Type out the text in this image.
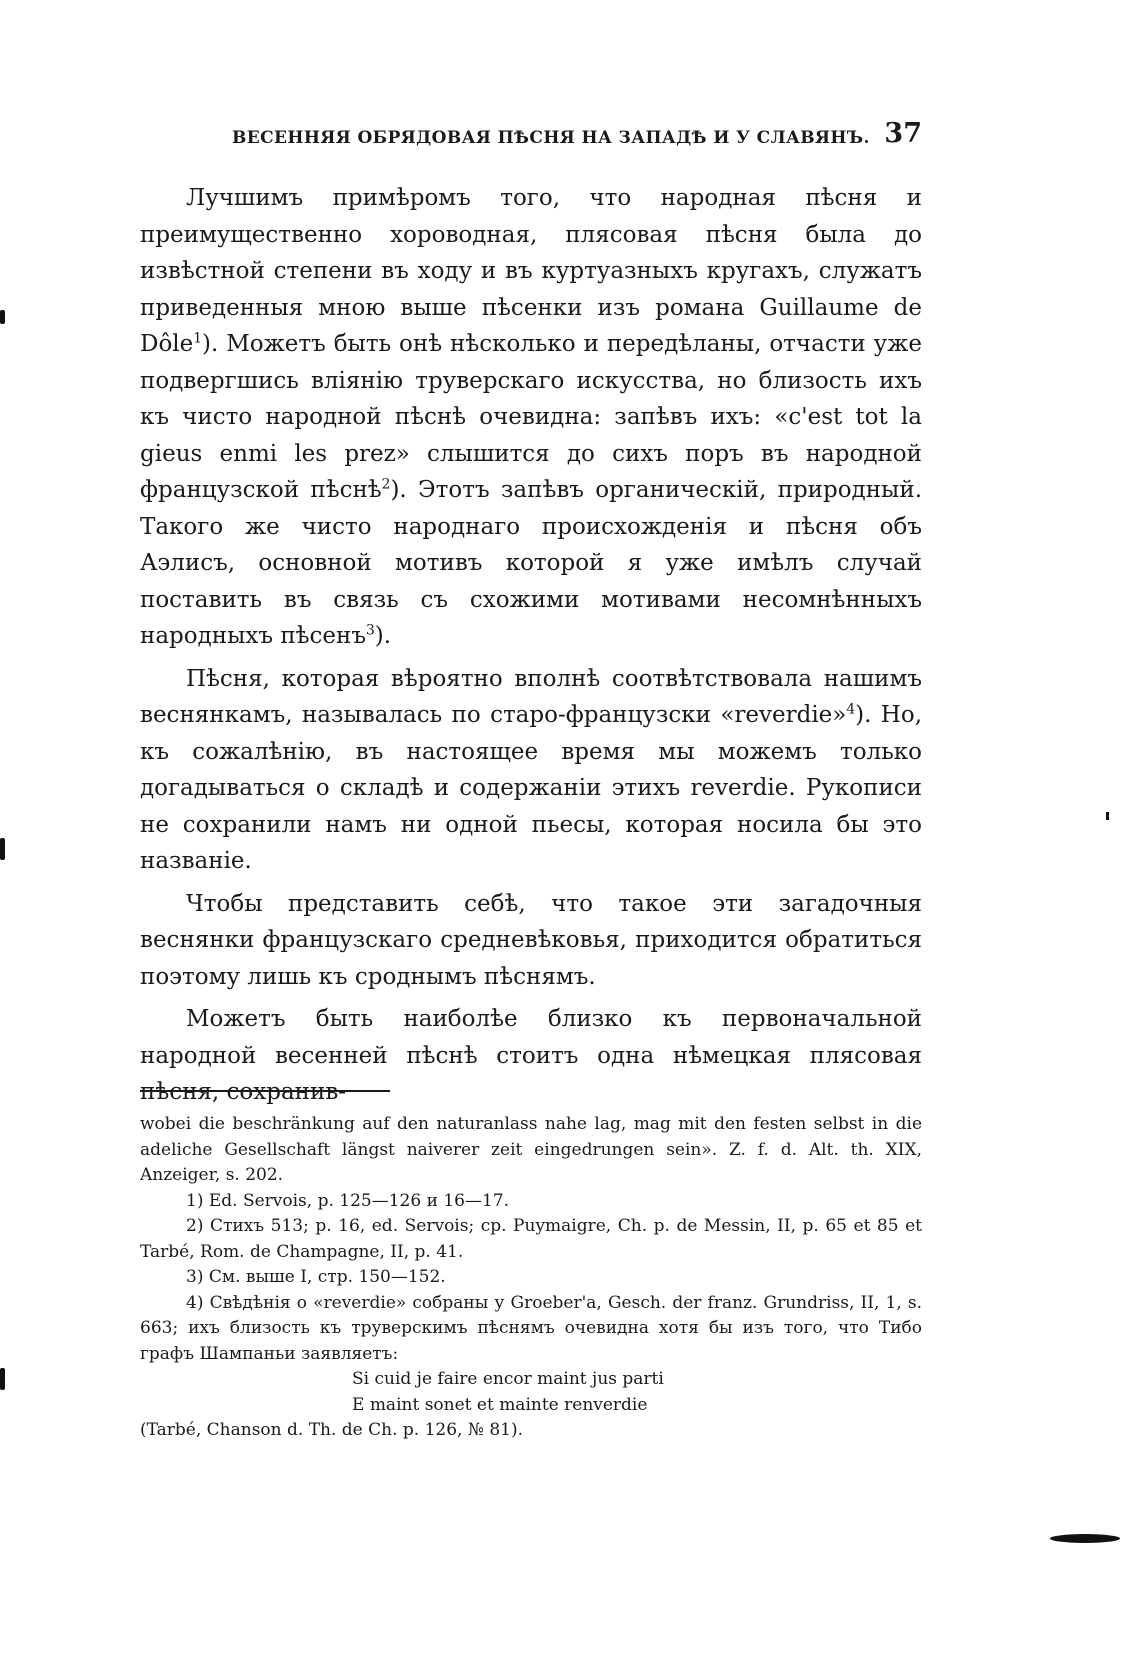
ВЕСЕННЯЯ ОБРЯДОВАЯ ПѢСНЯ НА ЗАПАДѢ И У СЛАВЯНЪ. 37

Лучшимъ примѣромъ того, что народная пѣсня и преимущественно хороводная, плясовая пѣсня была до извѣстной степени въ ходу и въ куртуазныхъ кругахъ, служатъ приведенныя мною выше пѣсенки изъ романа Guillaume de Dôle$^1$). Можетъ быть онѣ нѣсколько и передѣланы, отчасти уже подвергшись вліянію труверскаго искусства, но близость ихъ къ чисто народной пѣснѣ очевидна: запѣвъ ихъ: «c'est tot la gieus enmi les prez» слышится до сихъ поръ въ народной французской пѣснѣ$^2$). Этотъ запѣвъ органическій, природный. Такого же чисто народнаго происхожденія и пѣсня объ Аэлисъ, основной мотивъ которой я уже имѣлъ случай поставить въ связь съ схожими мотивами несомнѣнныхъ народныхъ пѣсенъ$^3$).

Пѣсня, которая вѣроятно вполнѣ соотвѣтствовала нашимъ веснянкамъ, называлась по старо-французски «reverdie»$^4$). Но, къ сожалѣнію, въ настоящее время мы можемъ только догадываться о складѣ и содержаніи этихъ reverdie. Рукописи не сохранили намъ ни одной пьесы, которая носила бы это названіе.

Чтобы представить себѣ, что такое эти загадочныя веснянки французскаго средневѣковья, приходится обратиться поэтому лишь къ сроднымъ пѣснямъ.

Можетъ быть наиболѣе близко къ первоначальной народной весенней пѣснѣ стоитъ одна нѣмецкая плясовая пѣсня, сохранив-

wobei die beschränkung auf den naturanlass nahe lag, mag mit den festen selbst in die adeliche Gesellschaft längst naiverer zeit eingedrungen sein». Z. f. d. Alt. th. XIX, Anzeiger, s. 202.

1) Ed. Servois, p. 125—126 и 16—17.

2) Стихъ 513; p. 16, ed. Servois; cp. Puymaigre, Ch. p. de Messin, II, p. 65 et 85 et Tarbé, Rom. de Champagne, II, p. 41.

3) См. выше I, стр. 150—152.

4) Свѣдѣнія о «reverdie» собраны у Groeber'a, Gesch. der franz. Grundriss, II, 1, s. 663; ихъ близость къ труверскимъ пѣснямъ очевидна хотя бы изъ того, что Тибо графъ Шампаньи заявляетъ:

Si cuid je faire encor maint jus parti

E maint sonet et mainte renverdie

(Tarbé, Chanson d. Th. de Ch. p. 126, № 81).
